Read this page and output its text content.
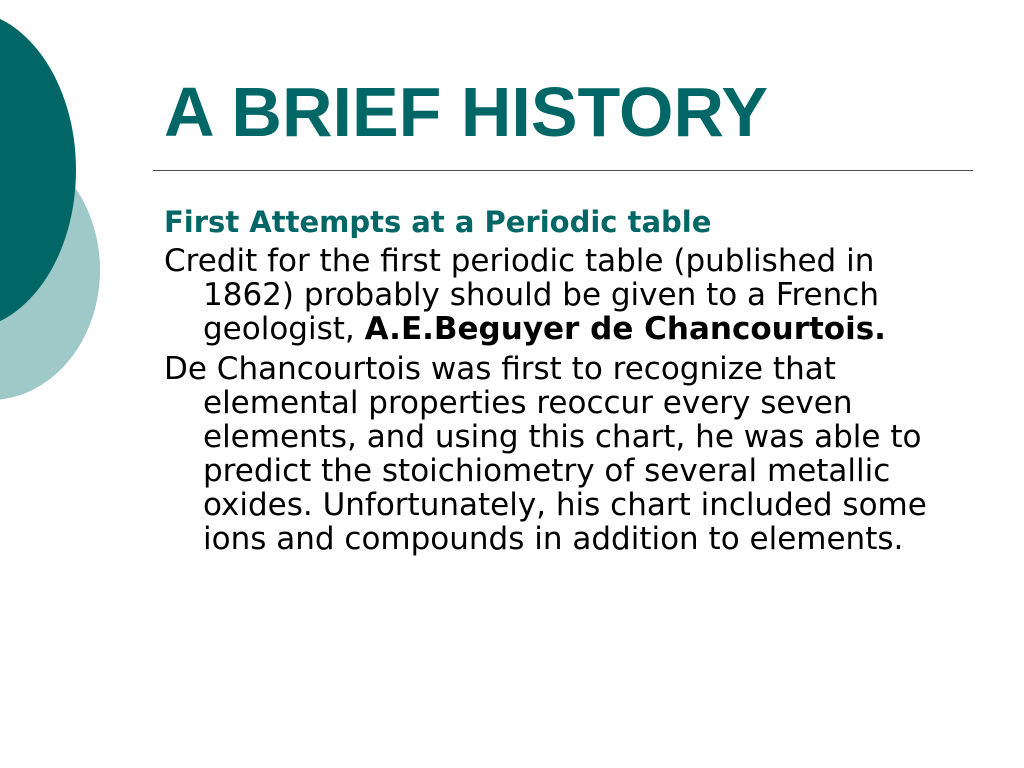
A BRIEF HISTORY

First Attempts at a Periodic table

Credit for the first periodic table (published in 1862) probably should be given to a French geologist, A.E.Beguyer de Chancourtois.

De Chancourtois was first to recognize that elemental properties reoccur every seven elements, and using this chart, he was able to predict the stoichiometry of several metallic oxides. Unfortunately, his chart included some ions and compounds in addition to elements.
